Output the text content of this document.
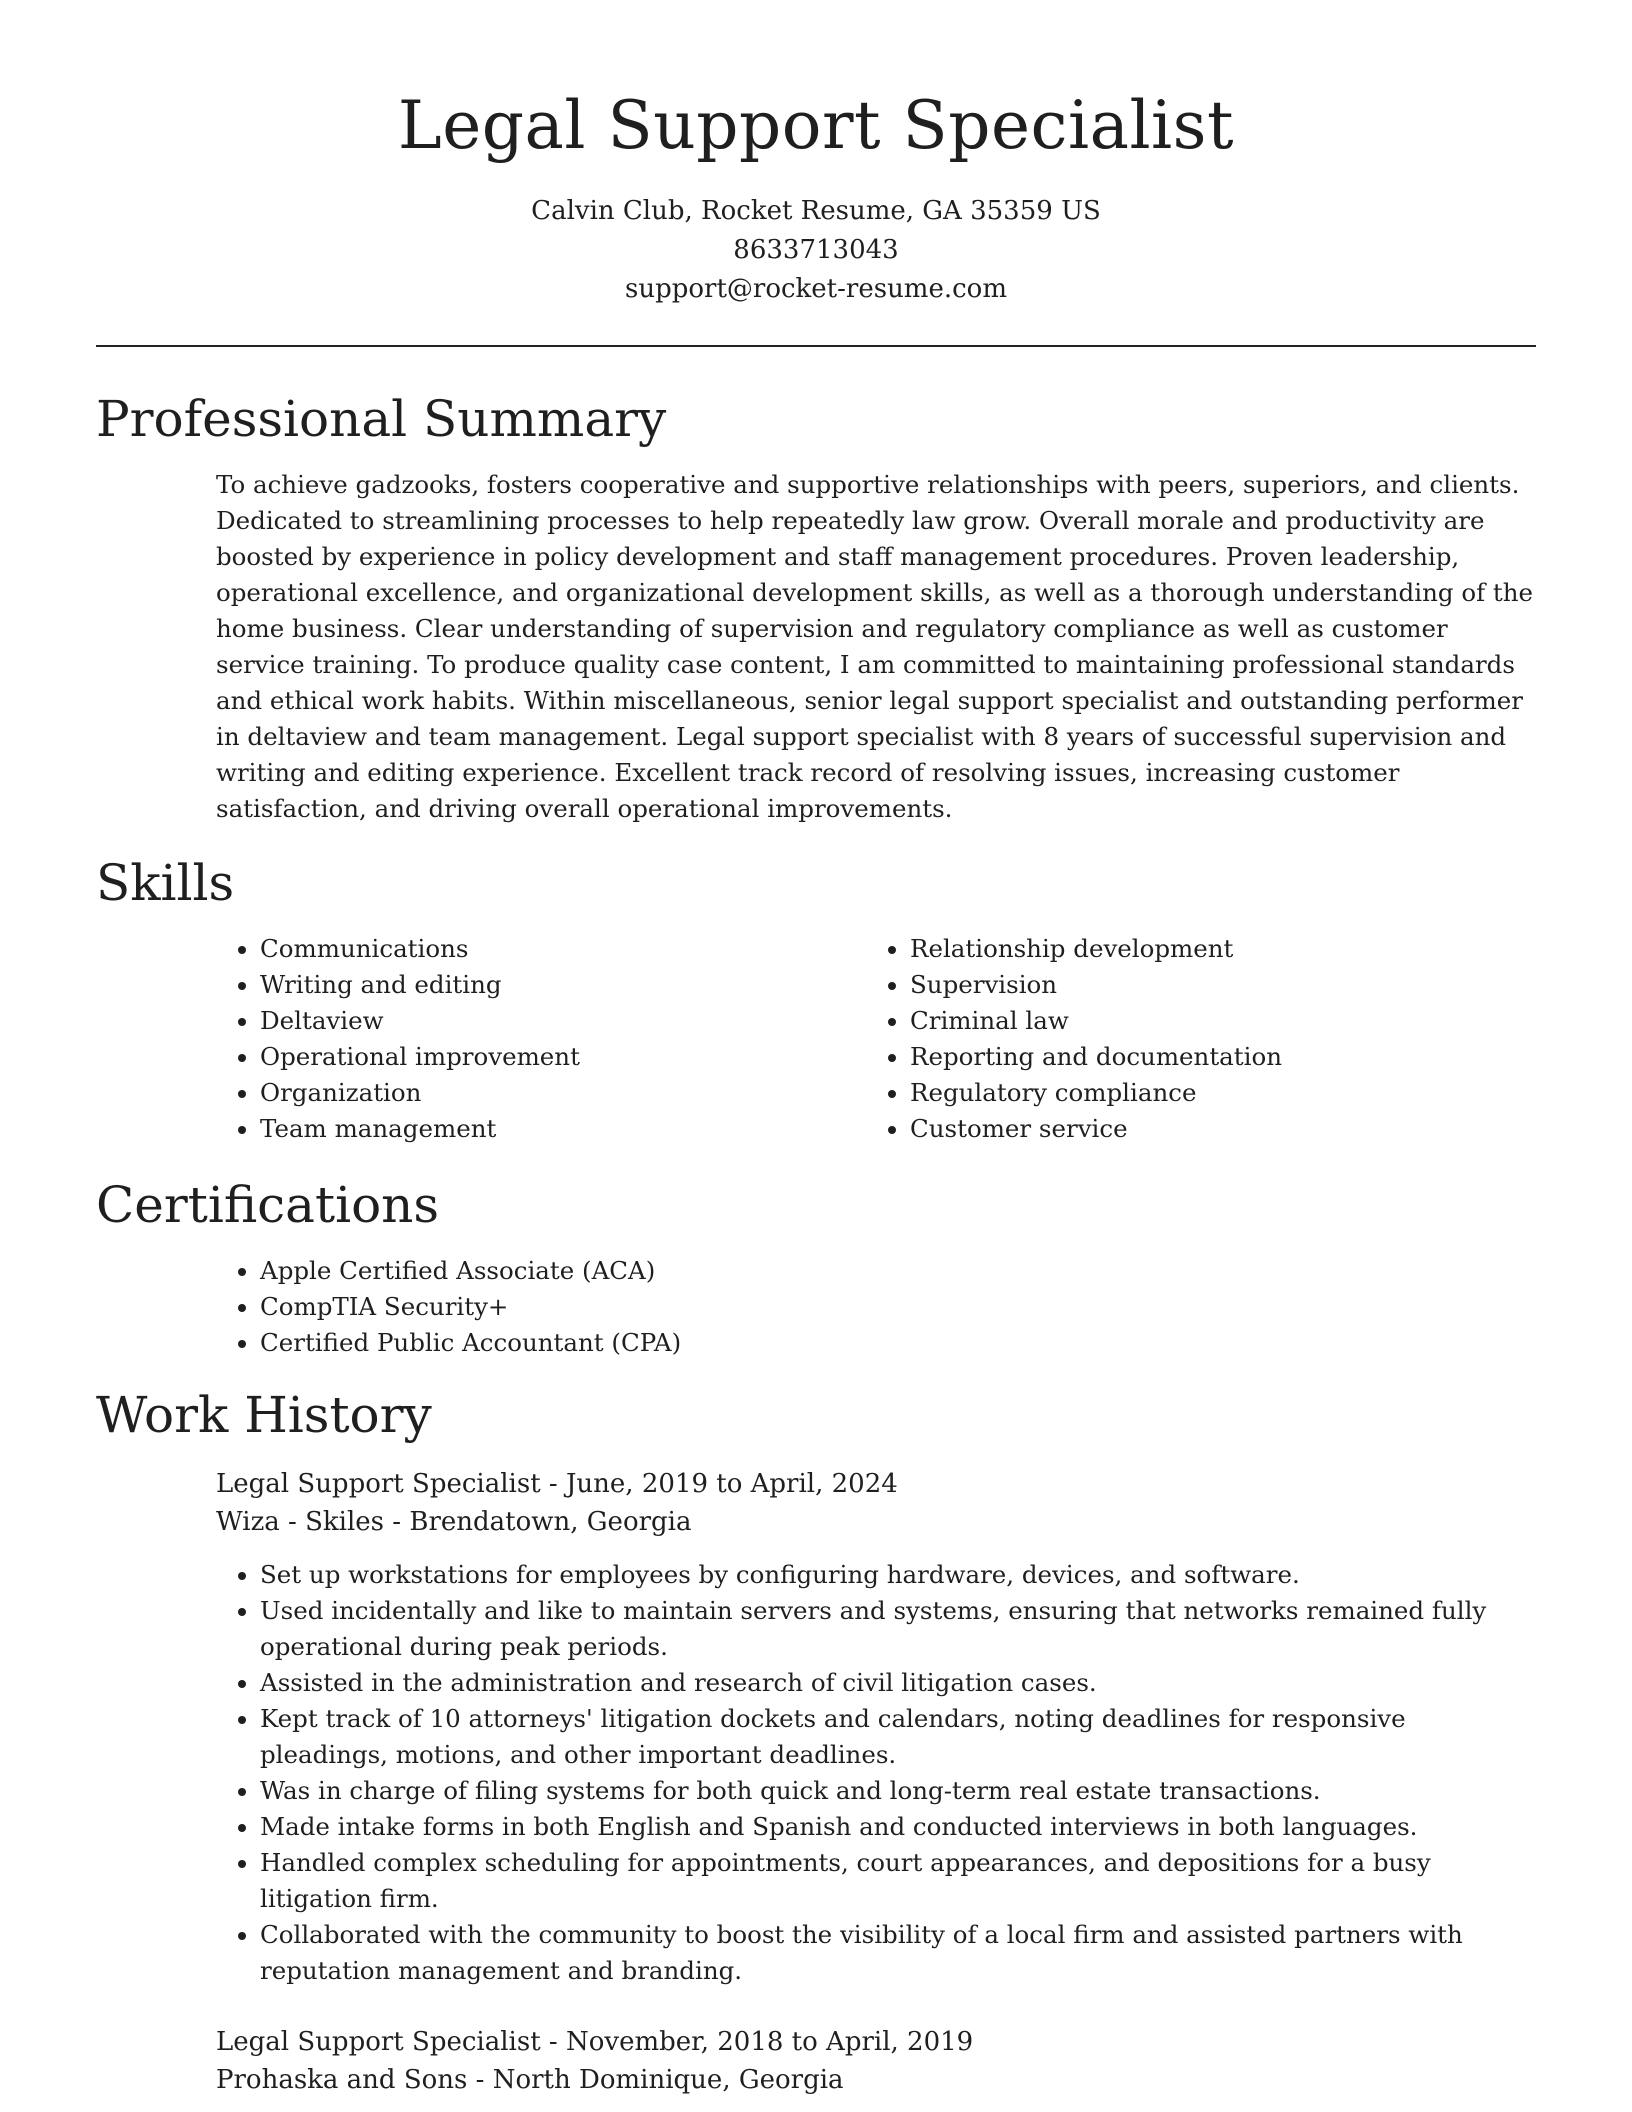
Legal Support Specialist
Calvin Club, Rocket Resume, GA 35359 US
8633713043
support@rocket-resume.com
Professional Summary
To achieve gadzooks, fosters cooperative and supportive relationships with peers, superiors, and clients. Dedicated to streamlining processes to help repeatedly law grow. Overall morale and productivity are boosted by experience in policy development and staff management procedures. Proven leadership, operational excellence, and organizational development skills, as well as a thorough understanding of the home business. Clear understanding of supervision and regulatory compliance as well as customer service training. To produce quality case content, I am committed to maintaining professional standards and ethical work habits. Within miscellaneous, senior legal support specialist and outstanding performer in deltaview and team management. Legal support specialist with 8 years of successful supervision and writing and editing experience. Excellent track record of resolving issues, increasing customer satisfaction, and driving overall operational improvements.
Skills
• Communications
• Writing and editing
• Deltaview
• Operational improvement
• Organization
• Team management
• Relationship development
• Supervision
• Criminal law
• Reporting and documentation
• Regulatory compliance
• Customer service
Certifications
• Apple Certified Associate (ACA)
• CompTIA Security+
• Certified Public Accountant (CPA)
Work History
Legal Support Specialist - June, 2019 to April, 2024
Wiza - Skiles - Brendatown, Georgia
• Set up workstations for employees by configuring hardware, devices, and software.
• Used incidentally and like to maintain servers and systems, ensuring that networks remained fully operational during peak periods.
• Assisted in the administration and research of civil litigation cases.
• Kept track of 10 attorneys' litigation dockets and calendars, noting deadlines for responsive pleadings, motions, and other important deadlines.
• Was in charge of filing systems for both quick and long-term real estate transactions.
• Made intake forms in both English and Spanish and conducted interviews in both languages.
• Handled complex scheduling for appointments, court appearances, and depositions for a busy litigation firm.
• Collaborated with the community to boost the visibility of a local firm and assisted partners with reputation management and branding.
Legal Support Specialist - November, 2018 to April, 2019
Prohaska and Sons - North Dominique, Georgia
